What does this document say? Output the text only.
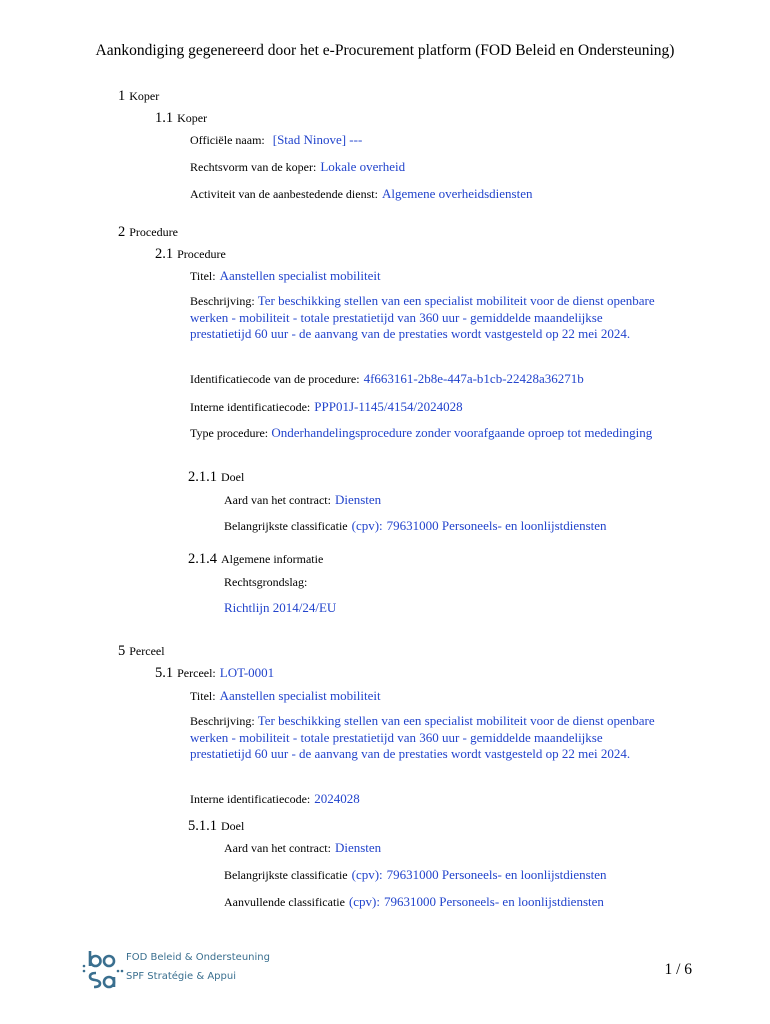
Aankondiging gegenereerd door het e-Procurement platform (FOD Beleid en Ondersteuning)
1 Koper
1.1 Koper
Officiële naam: [Stad Ninove] ---
Rechtsvorm van de koper: Lokale overheid
Activiteit van de aanbestedende dienst: Algemene overheidsdiensten
2 Procedure
2.1 Procedure
Titel: Aanstellen specialist mobiliteit
Beschrijving: Ter beschikking stellen van een specialist mobiliteit voor de dienst openbare werken - mobiliteit - totale prestatietijd van 360 uur - gemiddelde maandelijkse prestatietijd 60 uur - de aanvang van de prestaties wordt vastgesteld op 22 mei 2024.
Identificatiecode van de procedure: 4f663161-2b8e-447a-b1cb-22428a36271b
Interne identificatiecode: PPP01J-1145/4154/2024028
Type procedure: Onderhandelingsprocedure zonder voorafgaande oproep tot mededinging
2.1.1 Doel
Aard van het contract: Diensten
Belangrijkste classificatie (cpv): 79631000 Personeels- en loonlijstdiensten
2.1.4 Algemene informatie
Rechtsgrondslag:
Richtlijn 2014/24/EU
5 Perceel
5.1 Perceel: LOT-0001
Titel: Aanstellen specialist mobiliteit
Beschrijving: Ter beschikking stellen van een specialist mobiliteit voor de dienst openbare werken - mobiliteit - totale prestatietijd van 360 uur - gemiddelde maandelijkse prestatietijd 60 uur - de aanvang van de prestaties wordt vastgesteld op 22 mei 2024.
Interne identificatiecode: 2024028
5.1.1 Doel
Aard van het contract: Diensten
Belangrijkste classificatie (cpv): 79631000 Personeels- en loonlijstdiensten
Aanvullende classificatie (cpv): 79631000 Personeels- en loonlijstdiensten
FOD Beleid & Ondersteuning
SPF Stratégie & Appui	1 / 6
